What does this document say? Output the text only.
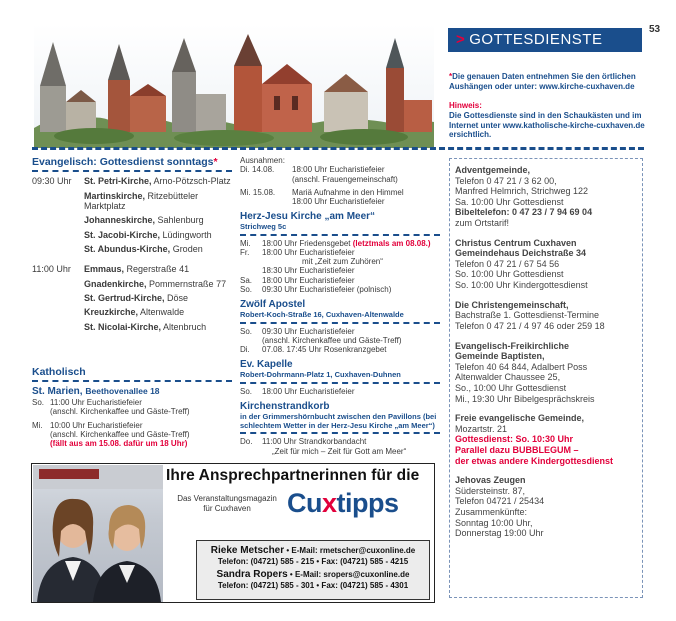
> GOTTESDIENSTE
53
*Die genauen Daten entnehmen Sie den örtlichen Aushängen oder unter: www.kirche-cuxhaven.de
Hinweis:
Die Gottesdienste sind in den Schaukästen und im Internet unter www.katholische-kirche-cuxhaven.de ersichtlich.
Evangelisch: Gottesdienst sonntags*
09:30 Uhr	St. Petri-Kirche, Arno-Pötzsch-Platz
Martinskirche, Ritzebütteler Marktplatz
Johanneskirche, Sahlenburg
St. Jacobi-Kirche, Lüdingworth
St. Abundus-Kirche, Groden
11:00 Uhr	Emmaus, Regerstraße 41
Gnadenkirche, Pommernstraße 77
St. Gertrud-Kirche, Döse
Kreuzkirche, Altenwalde
St. Nicolai-Kirche, Altenbruch
Katholisch
St. Marien, Beethovenallee 18
So. 11:00 Uhr Eucharistiefeier
(anschl. Kirchenkaffee und Gäste-Treff)
Mi. 10:00 Uhr Eucharistiefeier
(anschl. Kirchenkaffee und Gäste-Treff)
(fällt aus am 15.08. dafür um 18 Uhr)
Ausnahmen:
Di. 14.08.	18:00 Uhr Eucharistiefeier
(anschl. Frauengemeinschaft)
Mi. 15.08.	Mariä Aufnahme in den Himmel
18:00 Uhr Eucharistiefeier
Herz-Jesu Kirche „am Meer“
Strichweg 5c
Mi.	18:00 Uhr Friedensgebet (letztmals am 08.08.)
Fr.	18:00 Uhr Eucharistiefeier
mit „Zeit zum Zuhören“
18:30 Uhr Eucharistiefeier
Sa.	18:00 Uhr Eucharistiefeier
So.	09:30 Uhr Eucharistiefeier (polnisch)
Zwölf Apostel
Robert-Koch-Straße 16, Cuxhaven-Altenwalde
So.	09:30 Uhr Eucharistiefeier
(anschl. Kirchenkaffee und Gäste-Treff)
Di.	07.08. 17:45 Uhr Rosenkranzgebet
Ev. Kapelle
Robert-Dohrmann-Platz 1, Cuxhaven-Duhnen
So.	18:00 Uhr Eucharistiefeier
Kirchenstrandkorb
in der Grimmershörnbucht zwischen den Pavillons (bei schlechtem Wetter in der Herz-Jesu Kirche „am Meer“)
Do.	11:00 Uhr Strandkorbandacht
„Zeit für mich – Zeit für Gott am Meer“
Adventgemeinde,
Telefon 0 47 21 / 3 62 00,
Manfred Helmrich, Strichweg 122
Sa. 10:00 Uhr Gottesdienst
Bibeltelefon: 0 47 23 / 7 94 69 04
zum Ortstarif!
Christus Centrum Cuxhaven
Gemeindehaus Deichstraße 34
Telefon 0 47 21 / 67 54 56
So. 10:00 Uhr Gottesdienst
So. 10:00 Uhr Kindergottesdienst
Die Christengemeinschaft,
Bachstraße 1. Gottesdienst-Termine
Telefon 0 47 21 / 4 97 46 oder 259 18
Evangelisch-Freikirchliche
Gemeinde Baptisten,
Telefon 40 64 844, Adalbert Poss
Altenwalder Chaussee 25,
So., 10:00 Uhr Gottesdienst
Mi., 19:30 Uhr Bibelgesprächskreis
Freie evangelische Gemeinde,
Mozartstr. 21
Gottesdienst: So. 10:30 Uhr
Parallel dazu BUBBLEGUM –
der etwas andere Kindergottesdienst
Jehovas Zeugen
Südersteinstr. 87,
Telefon 04721 / 25434
Zusammenkünfte:
Sonntag 10:00 Uhr,
Donnerstag 19:00 Uhr
Ihre Ansprechpartnerinnen für die
Das Veranstaltungsmagazin
für Cuxhaven	Cuxtipps
Rieke Metscher • E-Mail: rmetscher@cuxonline.de
Telefon: (04721) 585 - 215 • Fax: (04721) 585 - 4215
Sandra Ropers • E-Mail: sropers@cuxonline.de
Telefon: (04721) 585 - 301 • Fax: (04721) 585 - 4301
